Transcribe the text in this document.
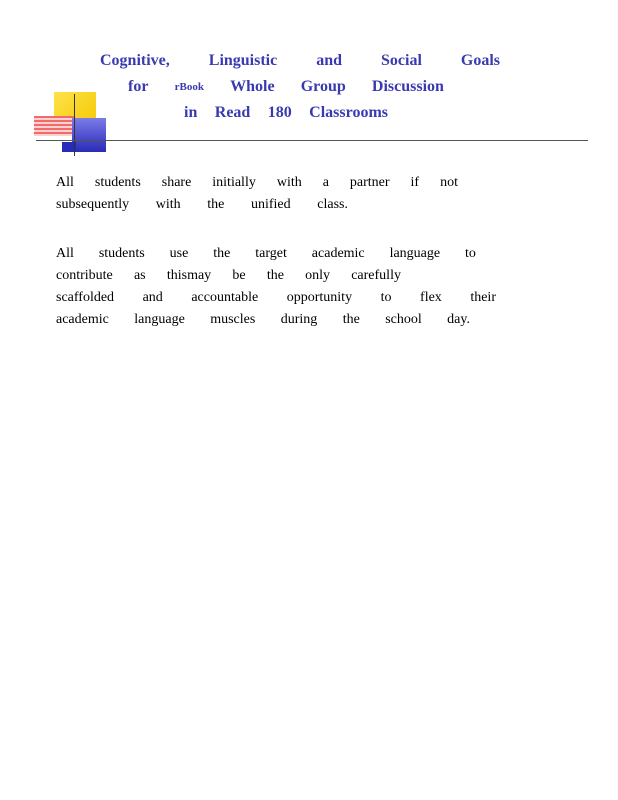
Cognitive, Linguistic and Social Goals
for rBook Whole Group Discussion
in Read 180 Classrooms
All students share initially with a partner if not
subsequently with the unified class.
All students use the target academic language to
contribute as thismay be the only carefully
scaffolded and accountable opportunity to flex their
academic language muscles during the school day.
